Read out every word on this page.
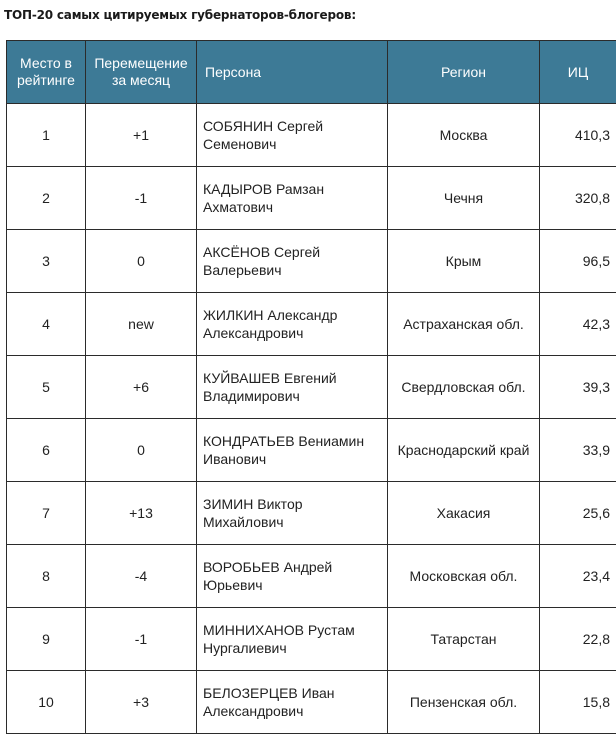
ТОП-20 самых цитируемых губернаторов-блогеров:
Место в рейтинге	Перемещение за месяц	Персона	Регион	ИЦ
1	+1	СОБЯНИН Сергей Семенович	Москва	410,3
2	-1	КАДЫРОВ Рамзан Ахматович	Чечня	320,8
3	0	АКСЁНОВ Сергей Валерьевич	Крым	96,5
4	new	ЖИЛКИН Александр Александрович	Астраханская обл.	42,3
5	+6	КУЙВАШЕВ Евгений Владимирович	Свердловская обл.	39,3
6	0	КОНДРАТЬЕВ Вениамин Иванович	Краснодарский край	33,9
7	+13	ЗИМИН Виктор Михайлович	Хакасия	25,6
8	-4	ВОРОБЬЕВ Андрей Юрьевич	Московская обл.	23,4
9	-1	МИННИХАНОВ Рустам Нургалиевич	Татарстан	22,8
10	+3	БЕЛОЗЕРЦЕВ Иван Александрович	Пензенская обл.	15,8
